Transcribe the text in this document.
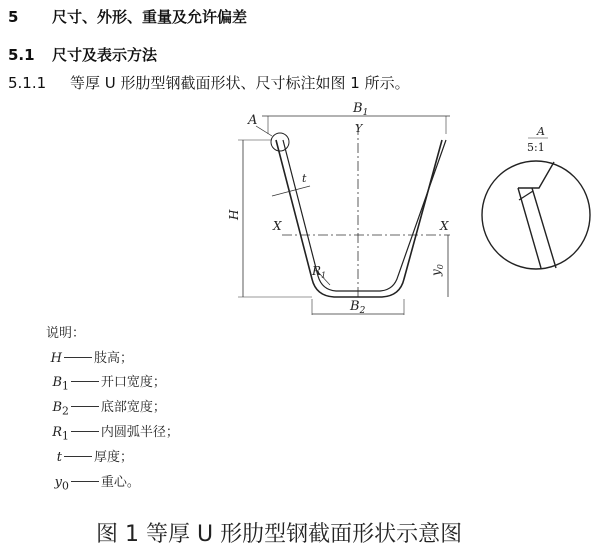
5 尺寸、外形、重量及允许偏差
5.1 尺寸及表示方法
5.1.1 等厚 U 形肋型钢截面形状、尺寸标注如图 1 所示。
A
$B_1$
Y
X	X
H
t
$R_1$	$y_0$
$B_2$
A
5:1
说明：
H 肢高；
$B_1$ 开口宽度；
$B_2$ 底部宽度；
$R_1$ 内圆弧半径；
t 厚度；
$y_0$ 重心。
图 1 等厚 U 形肋型钢截面形状示意图
